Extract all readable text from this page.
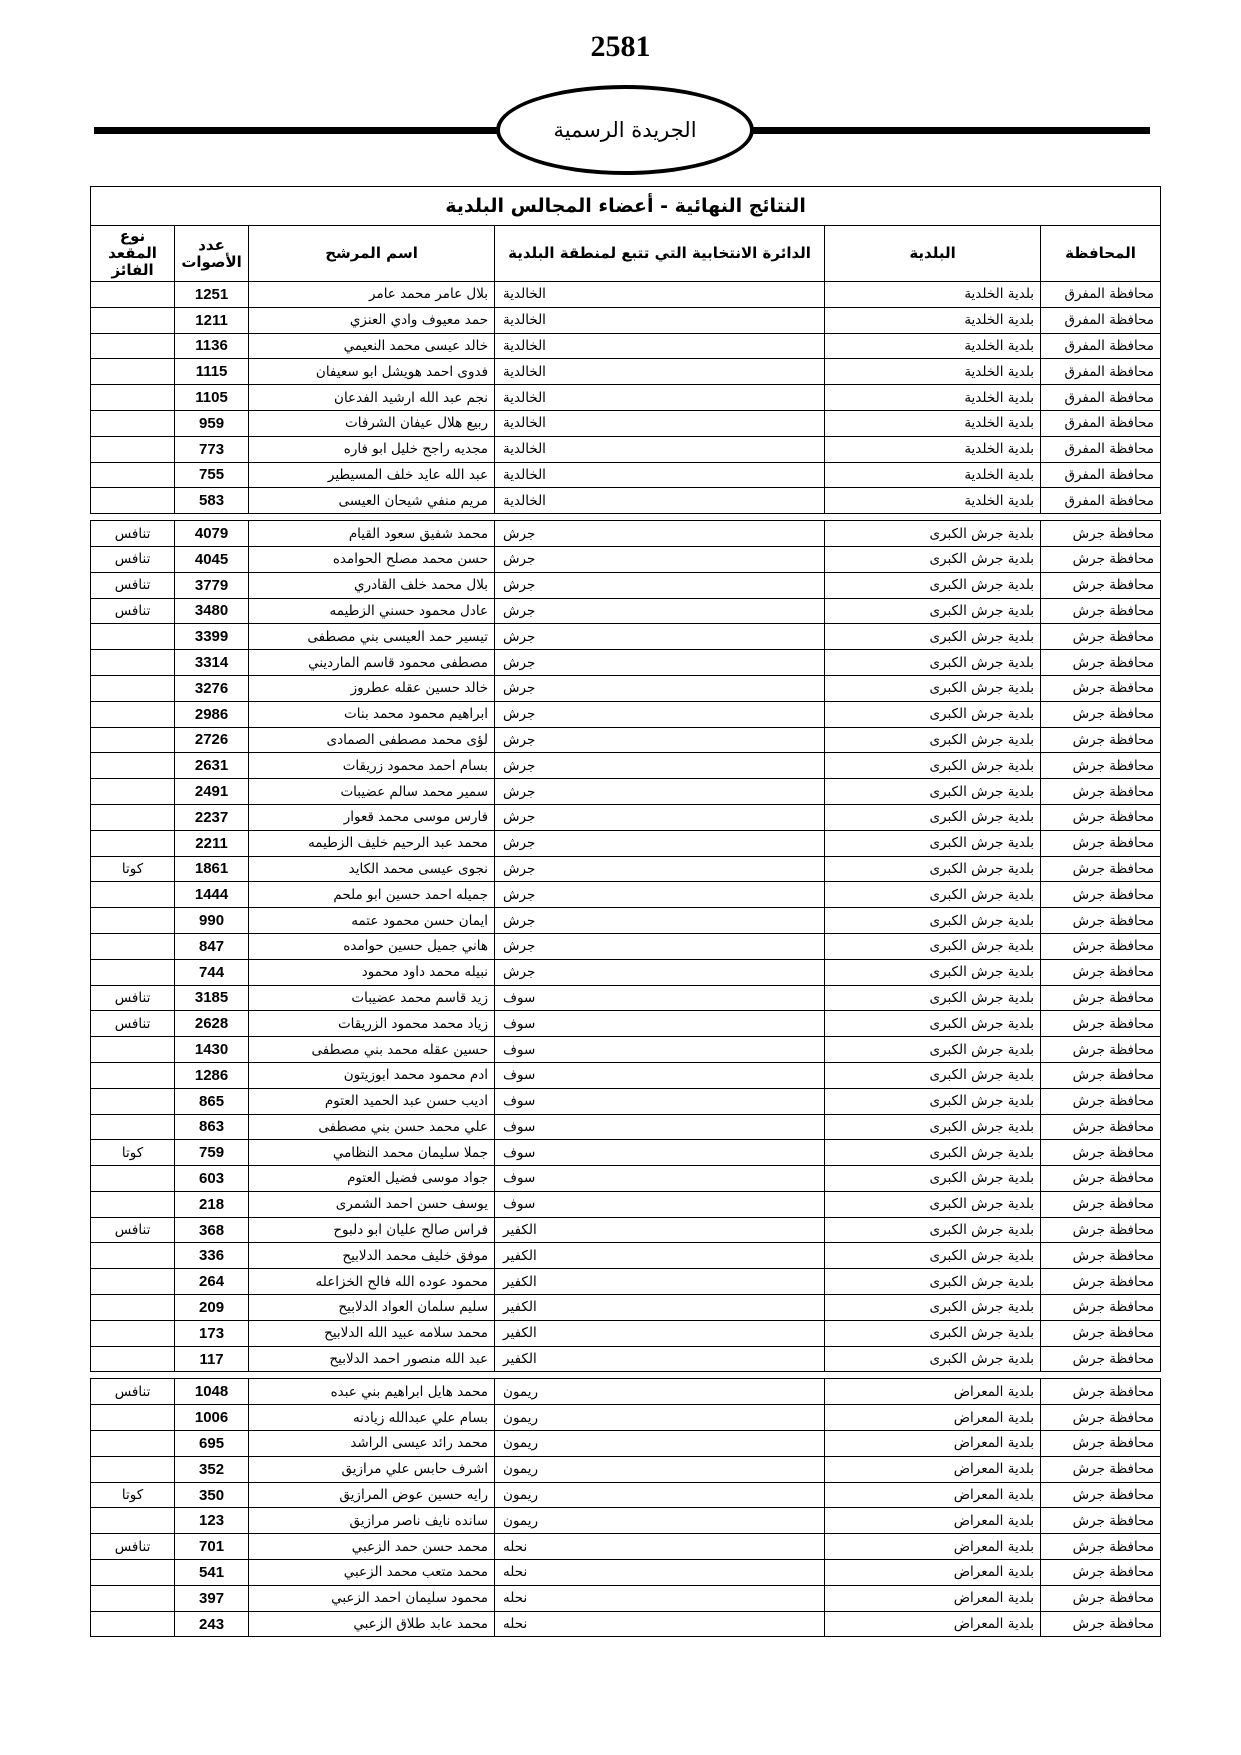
2581
الجريدة الرسمية
النتائج النهائية - أعضاء المجالس البلدية					
المحافظة	البلدية	الدائرة الانتخابية التي تتبع لمنطقة البلدية	اسم المرشح	عدد الأصوات	نوع المقعد الفائز
محافظة المفرق	بلدية الخلدية	الخالدية	بلال عامر محمد عامر	1251	
محافظة المفرق	بلدية الخلدية	الخالدية	حمد معيوف وادي العنزي	1211	
محافظة المفرق	بلدية الخلدية	الخالدية	خالد عيسى محمد النعيمي	1136	
محافظة المفرق	بلدية الخلدية	الخالدية	فدوى احمد هويشل ابو سعيفان	1115	
محافظة المفرق	بلدية الخلدية	الخالدية	نجم عبد الله ارشيد الفدعان	1105	
محافظة المفرق	بلدية الخلدية	الخالدية	ربيع هلال عيفان الشرفات	959	
محافظة المفرق	بلدية الخلدية	الخالدية	مجديه راجح خليل ابو فاره	773	
محافظة المفرق	بلدية الخلدية	الخالدية	عبد الله عايد خلف المسيطير	755	
محافظة المفرق	بلدية الخلدية	الخالدية	مريم منفي شيحان العيسى	583	

محافظة جرش	بلدية جرش الكبرى	جرش	محمد شفيق سعود القيام	4079	تنافس
محافظة جرش	بلدية جرش الكبرى	جرش	حسن محمد مصلح الحوامده	4045	تنافس
محافظة جرش	بلدية جرش الكبرى	جرش	بلال محمد خلف القادري	3779	تنافس
محافظة جرش	بلدية جرش الكبرى	جرش	عادل محمود حسني الزطيمه	3480	تنافس
محافظة جرش	بلدية جرش الكبرى	جرش	تيسير حمد العيسى بني مصطفى	3399	
محافظة جرش	بلدية جرش الكبرى	جرش	مصطفى محمود قاسم المارديني	3314	
محافظة جرش	بلدية جرش الكبرى	جرش	خالد حسين عقله عطروز	3276	
محافظة جرش	بلدية جرش الكبرى	جرش	ابراهيم محمود محمد بنات	2986	
محافظة جرش	بلدية جرش الكبرى	جرش	لؤى محمد مصطفى الصمادى	2726	
محافظة جرش	بلدية جرش الكبرى	جرش	بسام احمد محمود زريقات	2631	
محافظة جرش	بلدية جرش الكبرى	جرش	سمير محمد سالم عضيبات	2491	
محافظة جرش	بلدية جرش الكبرى	جرش	فارس موسى محمد قعوار	2237	
محافظة جرش	بلدية جرش الكبرى	جرش	محمد عبد الرحيم خليف الزطيمه	2211	
محافظة جرش	بلدية جرش الكبرى	جرش	نجوى عيسى محمد الكايد	1861	كوتا
محافظة جرش	بلدية جرش الكبرى	جرش	جميله احمد حسين ابو ملحم	1444	
محافظة جرش	بلدية جرش الكبرى	جرش	ايمان حسن محمود عتمه	990	
محافظة جرش	بلدية جرش الكبرى	جرش	هاني جميل حسين حوامده	847	
محافظة جرش	بلدية جرش الكبرى	جرش	نبيله محمد داود محمود	744	
محافظة جرش	بلدية جرش الكبرى	سوف	زيد قاسم محمد عضيبات	3185	تنافس
محافظة جرش	بلدية جرش الكبرى	سوف	زياد محمد محمود الزريقات	2628	تنافس
محافظة جرش	بلدية جرش الكبرى	سوف	حسين عقله محمد بني مصطفى	1430	
محافظة جرش	بلدية جرش الكبرى	سوف	ادم محمود محمد ابوزيتون	1286	
محافظة جرش	بلدية جرش الكبرى	سوف	اديب حسن عبد الحميد العتوم	865	
محافظة جرش	بلدية جرش الكبرى	سوف	علي محمد حسن بني مصطفى	863	
محافظة جرش	بلدية جرش الكبرى	سوف	جملا سليمان محمد النظامي	759	كوتا
محافظة جرش	بلدية جرش الكبرى	سوف	جواد موسى فضيل العتوم	603	
محافظة جرش	بلدية جرش الكبرى	سوف	يوسف حسن احمد الشمرى	218	
محافظة جرش	بلدية جرش الكبرى	الكفير	فراس صالح عليان ابو دلبوح	368	تنافس
محافظة جرش	بلدية جرش الكبرى	الكفير	موفق خليف محمد الدلابيح	336	
محافظة جرش	بلدية جرش الكبرى	الكفير	محمود عوده الله فالح الخزاعله	264	
محافظة جرش	بلدية جرش الكبرى	الكفير	سليم سلمان العواد الدلابيح	209	
محافظة جرش	بلدية جرش الكبرى	الكفير	محمد سلامه عبيد الله الدلابيح	173	
محافظة جرش	بلدية جرش الكبرى	الكفير	عبد الله منصور احمد الدلابيح	117	

محافظة جرش	بلدية المعراض	ريمون	محمد هايل ابراهيم بني عبده	1048	تنافس
محافظة جرش	بلدية المعراض	ريمون	بسام علي عبدالله زيادنه	1006	
محافظة جرش	بلدية المعراض	ريمون	محمد رائد عيسى الراشد	695	
محافظة جرش	بلدية المعراض	ريمون	اشرف حابس علي مرازيق	352	
محافظة جرش	بلدية المعراض	ريمون	رايه حسين عوض المرازيق	350	كوتا
محافظة جرش	بلدية المعراض	ريمون	سانده نايف ناصر مرازيق	123	
محافظة جرش	بلدية المعراض	نحله	محمد حسن حمد الزعبي	701	تنافس
محافظة جرش	بلدية المعراض	نحله	محمد متعب محمد الزعبي	541	
محافظة جرش	بلدية المعراض	نحله	محمود سليمان احمد الزعبي	397	
محافظة جرش	بلدية المعراض	نحله	محمد عابد طلاق الزعبي	243	
